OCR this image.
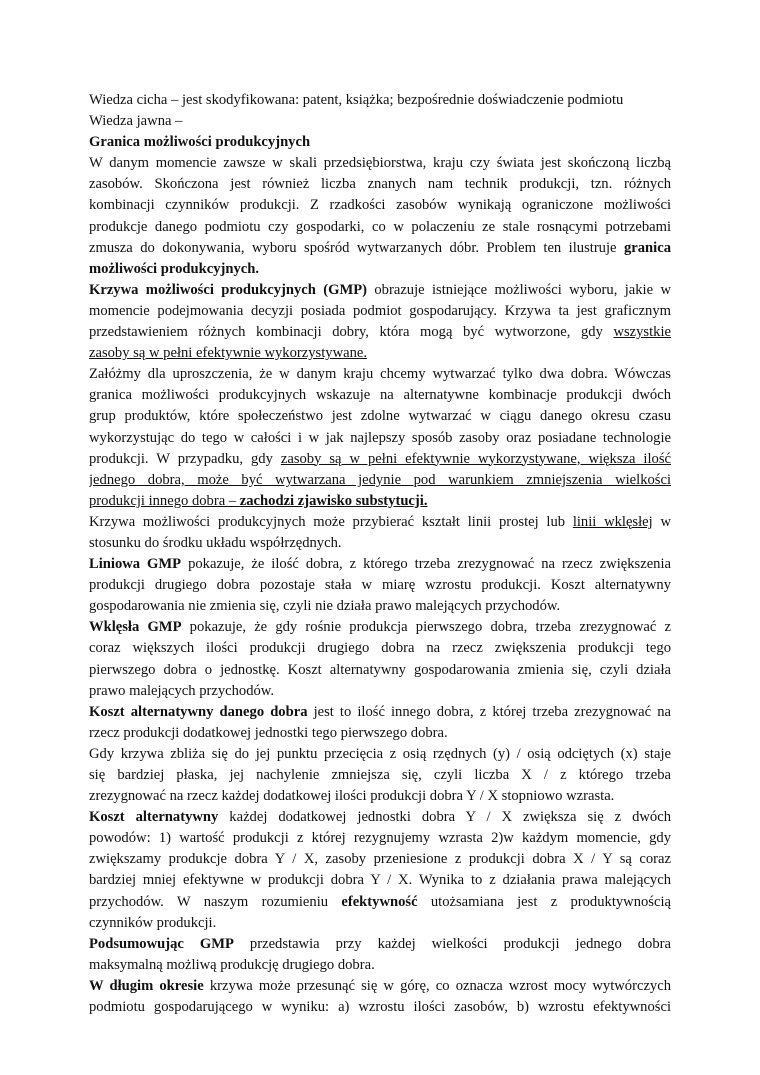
Wiedza cicha – jest skodyfikowana: patent, książka; bezpośrednie doświadczenie podmiotu
Wiedza jawna –
Granica możliwości produkcyjnych
W danym momencie zawsze w skali przedsiębiorstwa, kraju czy świata jest skończoną liczbą
zasobów. Skończona jest również liczba znanych nam technik produkcji, tzn. różnych
kombinacji czynników produkcji. Z rzadkości zasobów wynikają ograniczone możliwości
produkcje danego podmiotu czy gospodarki, co w polaczeniu ze stale rosnącymi potrzebami
zmusza do dokonywania, wyboru spośród wytwarzanych dóbr. Problem ten ilustruje granica
możliwości produkcyjnych.
Krzywa możliwości produkcyjnych (GMP) obrazuje istniejące możliwości wyboru, jakie w
momencie podejmowania decyzji posiada podmiot gospodarujący. Krzywa ta jest graficznym
przedstawieniem różnych kombinacji dobry, która mogą być wytworzone, gdy wszystkie
zasoby są w pełni efektywnie wykorzystywane.
Załóżmy dla uproszczenia, że w danym kraju chcemy wytwarzać tylko dwa dobra. Wówczas
granica możliwości produkcyjnych wskazuje na alternatywne kombinacje produkcji dwóch
grup produktów, które społeczeństwo jest zdolne wytwarzać w ciągu danego okresu czasu
wykorzystując do tego w całości i w jak najlepszy sposób zasoby oraz posiadane technologie
produkcji. W przypadku, gdy zasoby są w pełni efektywnie wykorzystywane, większa ilość
jednego dobra, może być wytwarzana jedynie pod warunkiem zmniejszenia wielkości
produkcji innego dobra – zachodzi zjawisko substytucji.
Krzywa możliwości produkcyjnych może przybierać kształt linii prostej lub linii wklęsłej w
stosunku do środku układu współrzędnych.
Liniowa GMP pokazuje, że ilość dobra, z którego trzeba zrezygnować na rzecz zwiększenia
produkcji drugiego dobra pozostaje stała w miarę wzrostu produkcji. Koszt alternatywny
gospodarowania nie zmienia się, czyli nie działa prawo malejących przychodów.
Wklęsła GMP pokazuje, że gdy rośnie produkcja pierwszego dobra, trzeba zrezygnować z
coraz większych ilości produkcji drugiego dobra na rzecz zwiększenia produkcji tego
pierwszego dobra o jednostkę. Koszt alternatywny gospodarowania zmienia się, czyli działa
prawo malejących przychodów.
Koszt alternatywny danego dobra jest to ilość innego dobra, z której trzeba zrezygnować na
rzecz produkcji dodatkowej jednostki tego pierwszego dobra.
Gdy krzywa zbliża się do jej punktu przecięcia z osią rzędnych (y) / osią odciętych (x) staje
się bardziej płaska, jej nachylenie zmniejsza się, czyli liczba X / z którego trzeba
zrezygnować na rzecz każdej dodatkowej ilości produkcji dobra Y / X stopniowo wzrasta.
Koszt alternatywny każdej dodatkowej jednostki dobra Y / X zwiększa się z dwóch
powodów: 1) wartość produkcji z której rezygnujemy wzrasta 2)w każdym momencie, gdy
zwiększamy produkcje dobra Y / X, zasoby przeniesione z produkcji dobra X / Y są coraz
bardziej mniej efektywne w produkcji dobra Y / X. Wynika to z działania prawa malejących
przychodów. W naszym rozumieniu efektywność utożsamiana jest z produktywnością
czynników produkcji.
Podsumowując GMP przedstawia przy każdej wielkości produkcji jednego dobra
maksymalną możliwą produkcję drugiego dobra.
W długim okresie krzywa może przesunąć się w górę, co oznacza wzrost mocy wytwórczych
podmiotu gospodarującego w wyniku: a) wzrostu ilości zasobów, b) wzrostu efektywności
